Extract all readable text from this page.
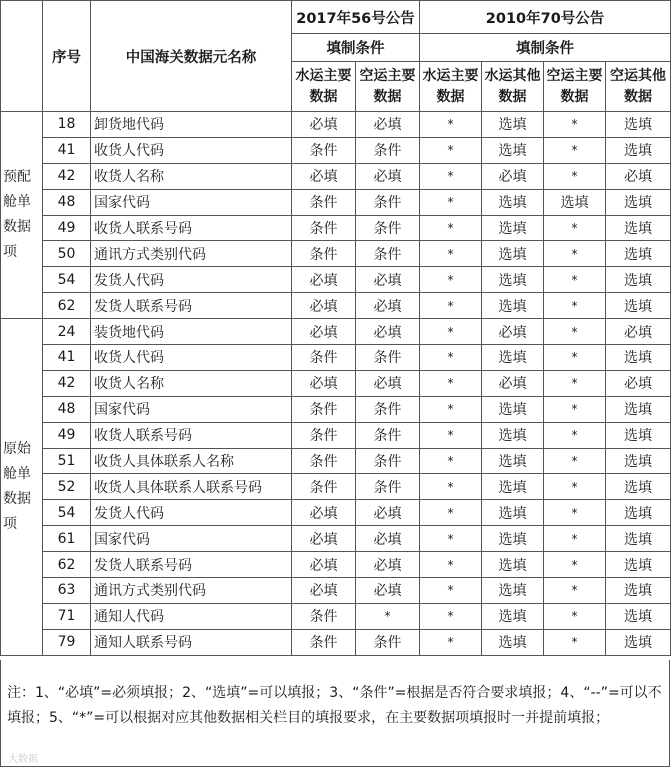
	序号	中国海关数据元名称	2017年56号公告		2010年70号公告			
			填制条件		填制条件			
			水运主要数据	空运主要数据	水运主要数据	水运其他数据	空运主要数据	空运其他数据
预配舱单数据项	18	卸货地代码	必填	必填	*	选填	*	选填
	41	收货人代码	条件	条件	*	选填	*	选填
	42	收货人名称	必填	必填	*	必填	*	必填
	48	国家代码	条件	条件	*	选填	选填	选填
	49	收货人联系号码	条件	条件	*	选填	*	选填
	50	通讯方式类别代码	条件	条件	*	选填	*	选填
	54	发货人代码	必填	必填	*	选填	*	选填
	62	发货人联系号码	必填	必填	*	选填	*	选填
原始舱单数据项	24	装货地代码	必填	必填	*	必填	*	必填
	41	收货人代码	条件	条件	*	选填	*	选填
	42	收货人名称	必填	必填	*	必填	*	必填
	48	国家代码	条件	条件	*	选填	*	选填
	49	收货人联系号码	条件	条件	*	选填	*	选填
	51	收货人具体联系人名称	条件	条件	*	选填	*	选填
	52	收货人具体联系人联系号码	条件	条件	*	选填	*	选填
	54	发货人代码	必填	必填	*	选填	*	选填
	61	国家代码	必填	必填	*	选填	*	选填
	62	发货人联系号码	必填	必填	*	选填	*	选填
	63	通讯方式类别代码	必填	必填	*	选填	*	选填
	71	通知人代码	条件	*	*	选填	*	选填
	79	通知人联系号码	条件	条件	*	选填	*	选填

注：1、“必填”=必须填报；2、“选填”=可以填报；3、“条件”=根据是否符合要求填报；4、“--”=可以不填报；5、“*”=可以根据对应其他数据相关栏目的填报要求，在主要数据项填报时一并提前填报；

大数据
